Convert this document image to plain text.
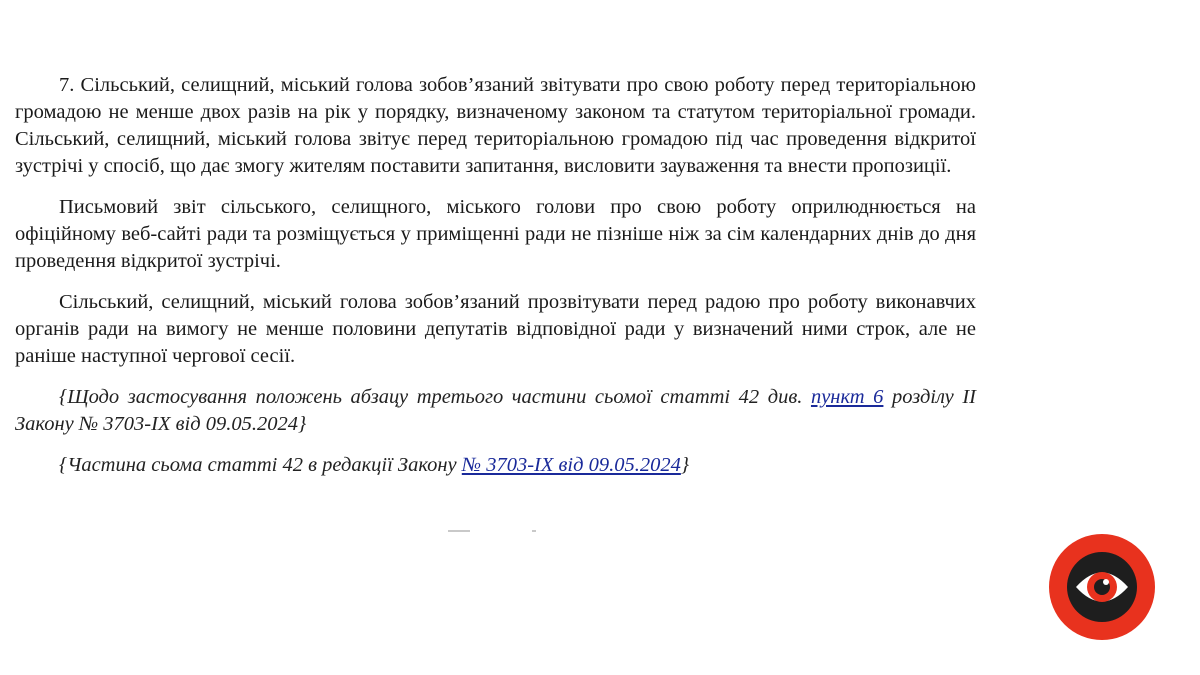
7. Сільський, селищний, міський голова зобов’язаний звітувати про свою роботу перед територіальною громадою не менше двох разів на рік у порядку, визначеному законом та статутом територіальної громади. Сільський, селищний, міський голова звітує перед територіальною громадою під час проведення відкритої зустрічі у спосіб, що дає змогу жителям поставити запитання, висловити зауваження та внести пропозиції.

Письмовий звіт сільського, селищного, міського голови про свою роботу оприлюднюється на офіційному веб-сайті ради та розміщується у приміщенні ради не пізніше ніж за сім календарних днів до дня проведення відкритої зустрічі.

Сільський, селищний, міський голова зобов’язаний прозвітувати перед радою про роботу виконавчих органів ради на вимогу не менше половини депутатів відповідної ради у визначений ними строк, але не раніше наступної чергової сесії.

{Щодо застосування положень абзацу третього частини сьомої статті 42 див. пункт 6 розділу II Закону № 3703-IX від 09.05.2024}

{Частина сьома статті 42 в редакції Закону № 3703-IX від 09.05.2024}
